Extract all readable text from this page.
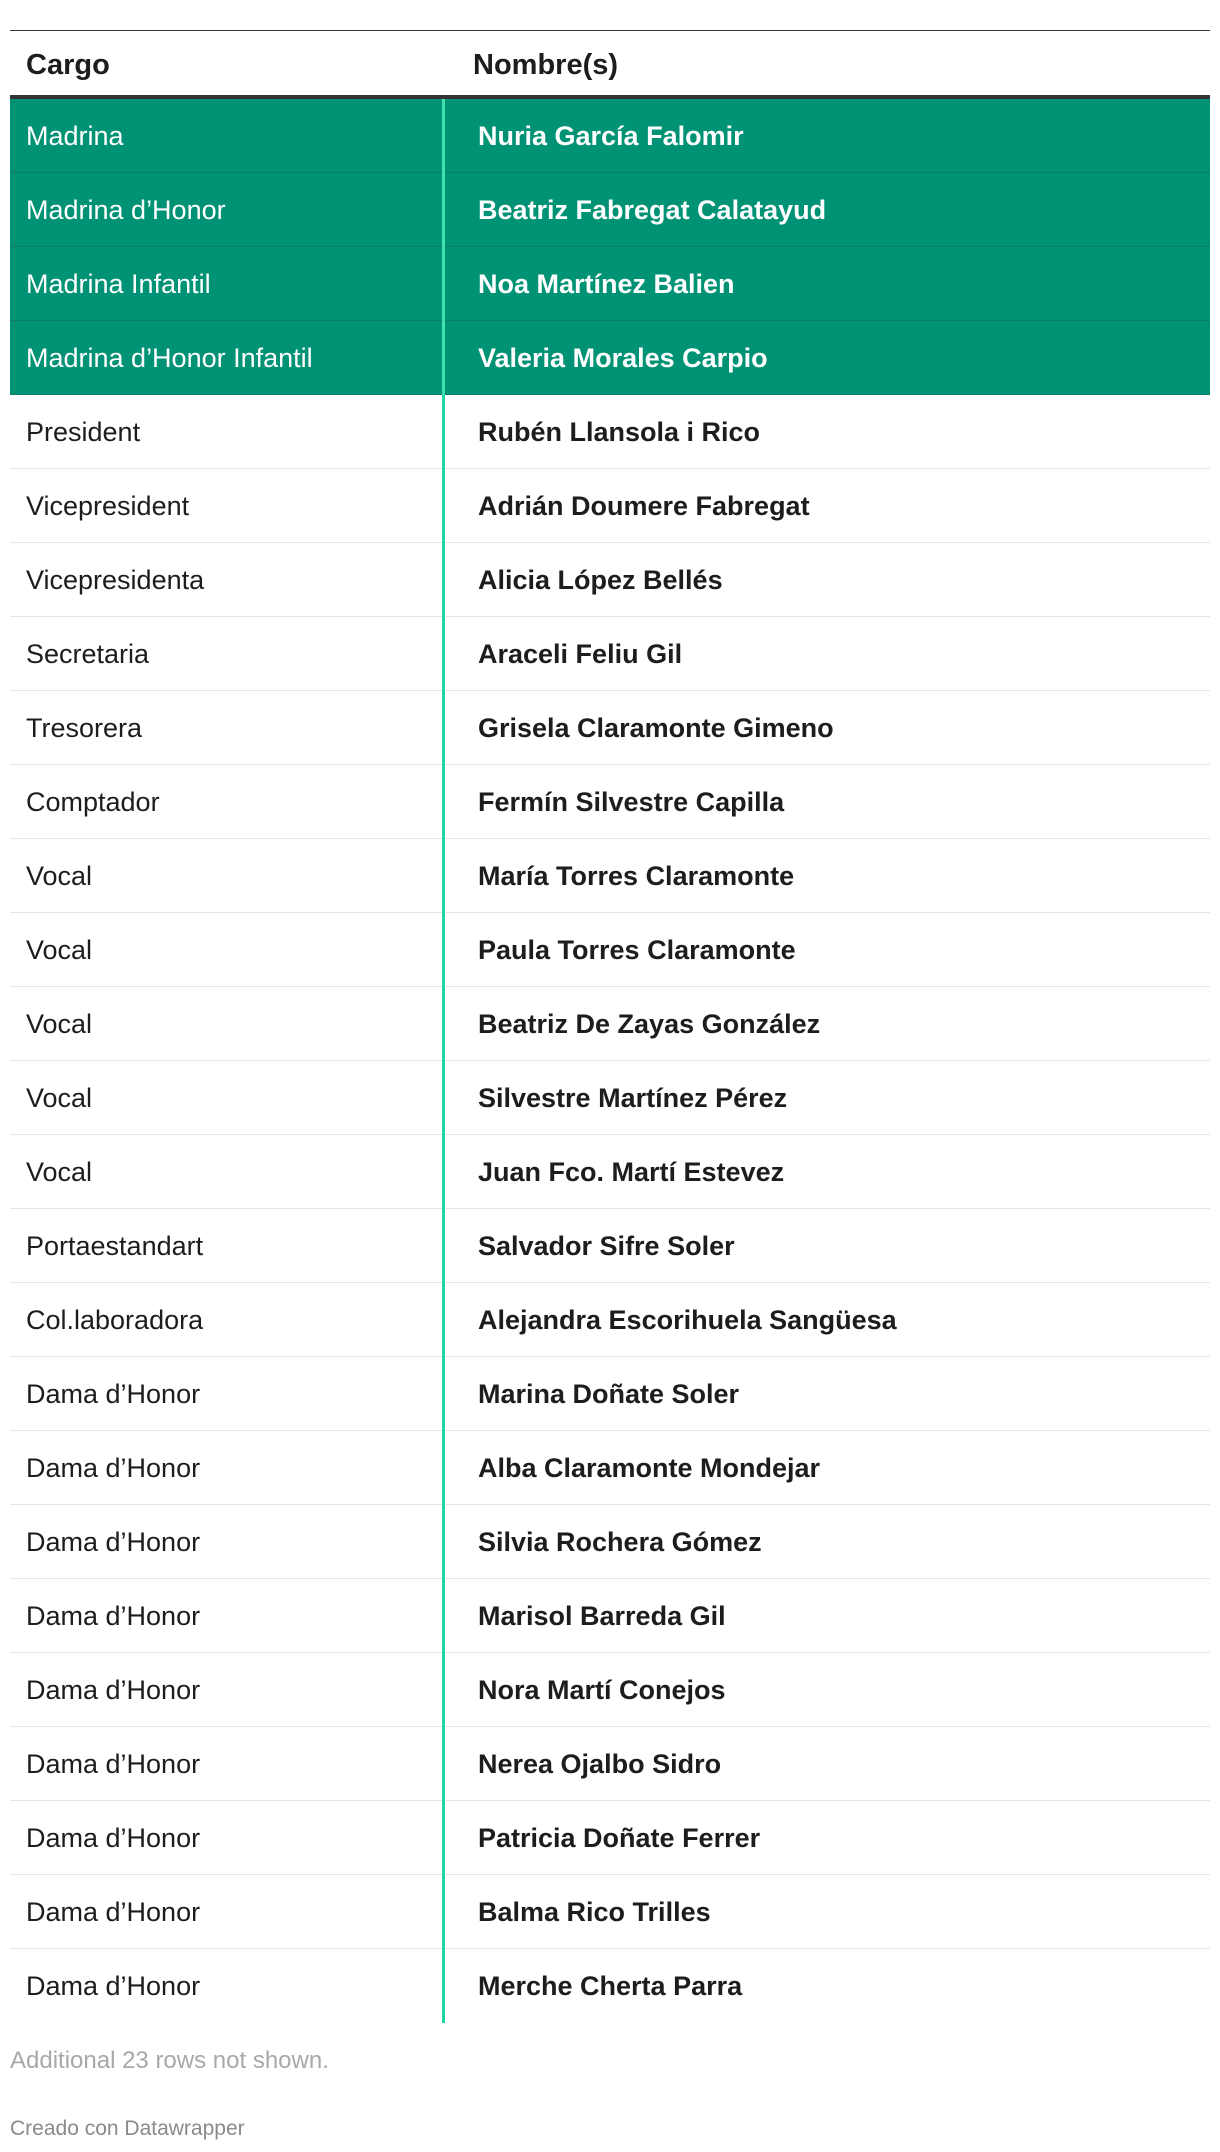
Cargo	Nombre(s)
Madrina	Nuria García Falomir
Madrina d’Honor	Beatriz Fabregat Calatayud
Madrina Infantil	Noa Martínez Balien
Madrina d’Honor Infantil	Valeria Morales Carpio
President	Rubén Llansola i Rico
Vicepresident	Adrián Doumere Fabregat
Vicepresidenta	Alicia López Bellés
Secretaria	Araceli Feliu Gil
Tresorera	Grisela Claramonte Gimeno
Comptador	Fermín Silvestre Capilla
Vocal	María Torres Claramonte
Vocal	Paula Torres Claramonte
Vocal	Beatriz De Zayas González
Vocal	Silvestre Martínez Pérez
Vocal	Juan Fco. Martí Estevez
Portaestandart	Salvador Sifre Soler
Col.laboradora	Alejandra Escorihuela Sangüesa
Dama d’Honor	Marina Doñate Soler
Dama d’Honor	Alba Claramonte Mondejar
Dama d’Honor	Silvia Rochera Gómez
Dama d’Honor	Marisol Barreda Gil
Dama d’Honor	Nora Martí Conejos
Dama d’Honor	Nerea Ojalbo Sidro
Dama d’Honor	Patricia Doñate Ferrer
Dama d’Honor	Balma Rico Trilles
Dama d’Honor	Merche Cherta Parra
Additional 23 rows not shown.
Creado con Datawrapper
